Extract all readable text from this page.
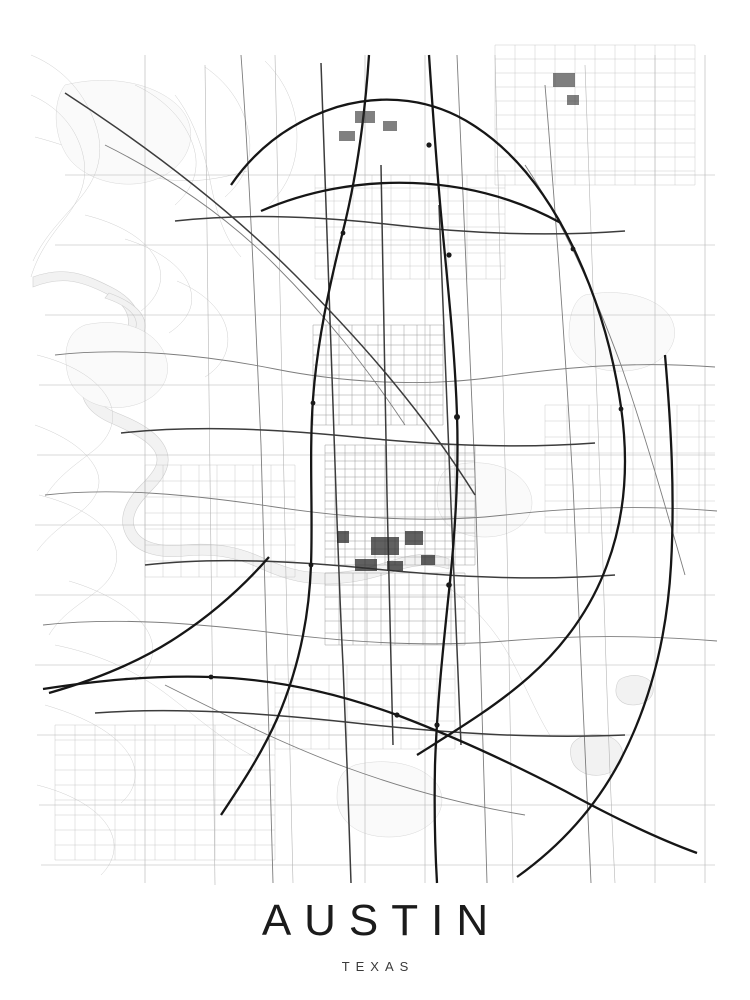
AUSTIN

TEXAS
